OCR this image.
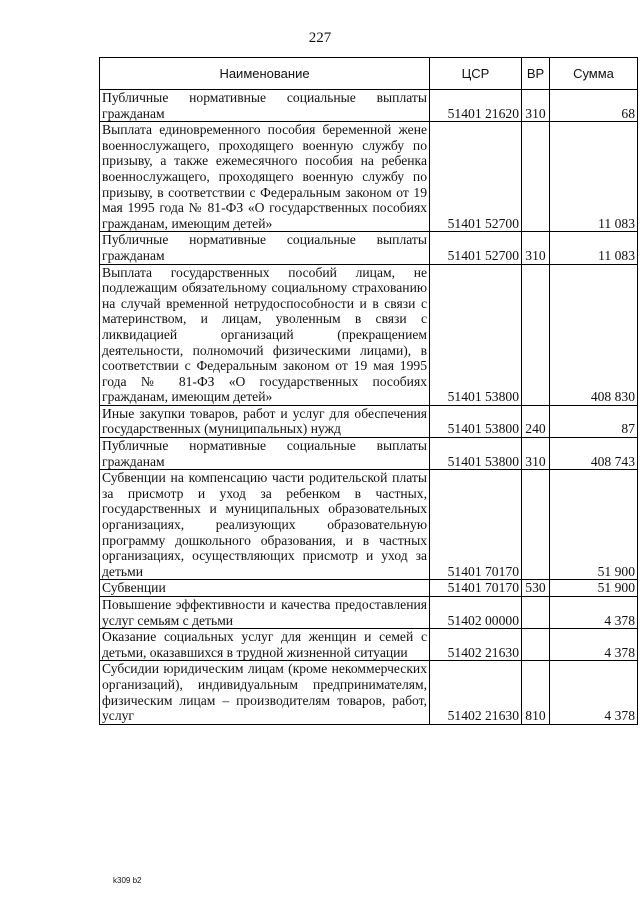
227
Наименование	ЦСР	ВР	Сумма
Публичные нормативные социальные выплаты гражданам	51401 21620	310	68
Выплата единовременного пособия беременной жене военнослужащего, проходящего военную службу по призыву, а также ежемесячного пособия на ребенка военнослужащего, проходящего военную службу по призыву, в соответствии с Федеральным законом от 19 мая 1995 года № 81-ФЗ «О государственных пособиях гражданам, имеющим детей»	51401 52700		11 083
Публичные нормативные социальные выплаты гражданам	51401 52700	310	11 083
Выплата государственных пособий лицам, не подлежащим обязательному социальному страхованию на случай временной нетрудоспособности и в связи с материнством, и лицам, уволенным в связи с ликвидацией организаций (прекращением деятельности, полномочий физическими лицами), в соответствии с Федеральным законом от 19 мая 1995 года № 81-ФЗ «О государственных пособиях гражданам, имеющим детей»	51401 53800		408 830
Иные закупки товаров, работ и услуг для обеспечения государственных (муниципальных) нужд	51401 53800	240	87
Публичные нормативные социальные выплаты гражданам	51401 53800	310	408 743
Субвенции на компенсацию части родительской платы за присмотр и уход за ребенком в частных, государственных и муниципальных образовательных организациях, реализующих образовательную программу дошкольного образования, и в частных организациях, осуществляющих присмотр и уход за детьми	51401 70170		51 900
Субвенции	51401 70170	530	51 900
Повышение эффективности и качества предоставления услуг семьям с детьми	51402 00000		4 378
Оказание социальных услуг для женщин и семей с детьми, оказавшихся в трудной жизненной ситуации	51402 21630		4 378
Субсидии юридическим лицам (кроме некоммерческих организаций), индивидуальным предпринимателям, физическим лицам – производителям товаров, работ, услуг	51402 21630	810	4 378
k309 b2
